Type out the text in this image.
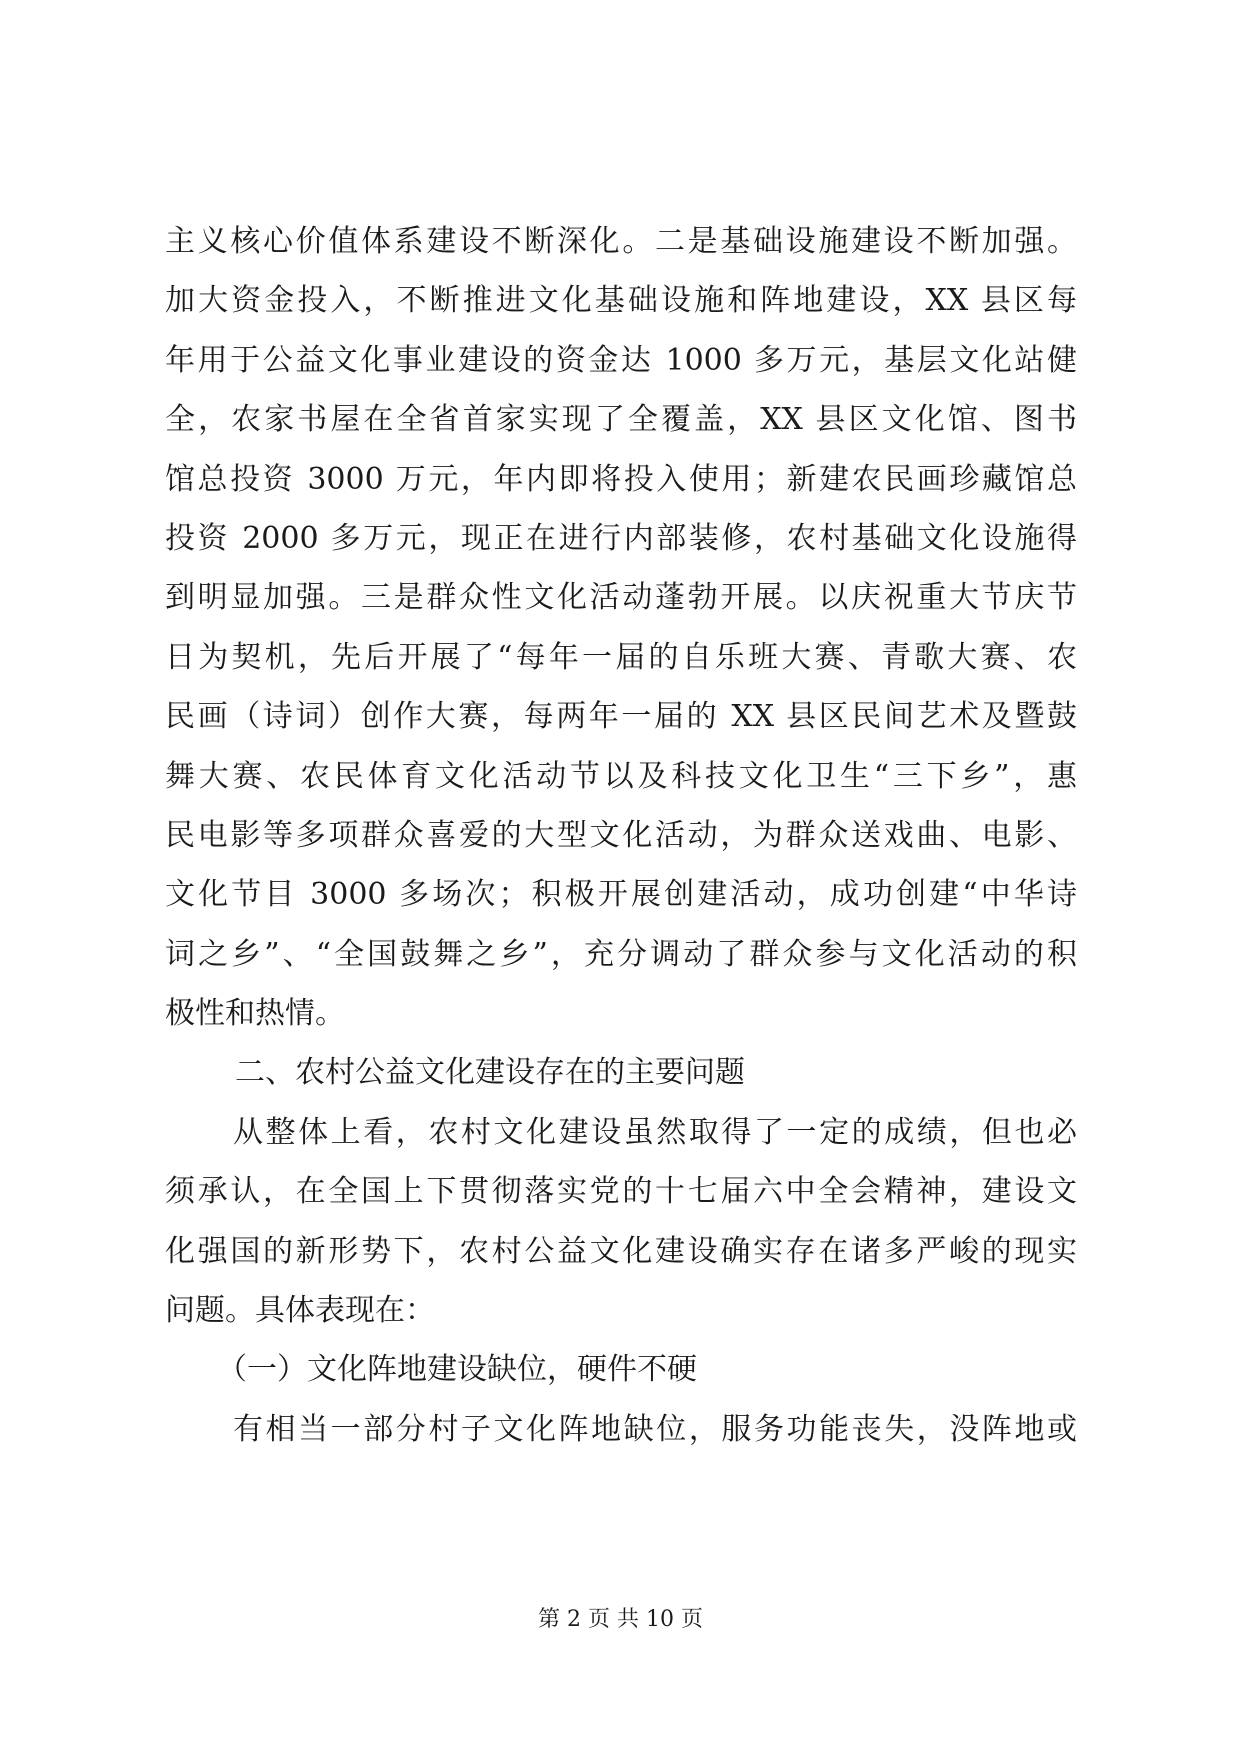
主义核心价值体系建设不断深化。二是基础设施建设不断加强。
加大资金投入，不断推进文化基础设施和阵地建设，XX 县区每
年用于公益文化事业建设的资金达 1000 多万元，基层文化站健
全，农家书屋在全省首家实现了全覆盖，XX 县区文化馆、图书
馆总投资 3000 万元，年内即将投入使用；新建农民画珍藏馆总
投资 2000 多万元，现正在进行内部装修，农村基础文化设施得
到明显加强。三是群众性文化活动蓬勃开展。以庆祝重大节庆节
日为契机，先后开展了“每年一届的自乐班大赛、青歌大赛、农
民画（诗词）创作大赛，每两年一届的 XX 县区民间艺术及暨鼓
舞大赛、农民体育文化活动节以及科技文化卫生“三下乡”，惠
民电影等多项群众喜爱的大型文化活动，为群众送戏曲、电影、
文化节目 3000 多场次；积极开展创建活动，成功创建“中华诗
词之乡”、“全国鼓舞之乡”，充分调动了群众参与文化活动的积
极性和热情。
二、农村公益文化建设存在的主要问题
从整体上看，农村文化建设虽然取得了一定的成绩，但也必
须承认，在全国上下贯彻落实党的十七届六中全会精神，建设文
化强国的新形势下，农村公益文化建设确实存在诸多严峻的现实
问题。具体表现在：
（一）文化阵地建设缺位，硬件不硬
有相当一部分村子文化阵地缺位，服务功能丧失，没阵地或
第 2 页 共 10 页
